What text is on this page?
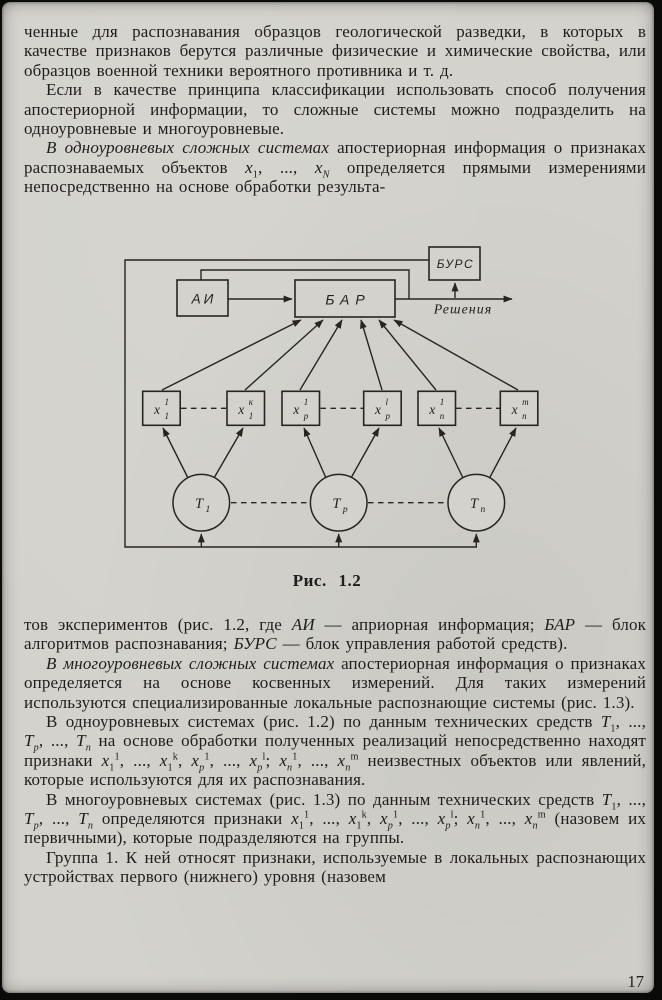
ченные для распознавания образцов геологической разведки, в которых в качестве признаков берутся различные физические и химические свойства, или образцов военной техники вероятного противника и т. д.

Если в качестве принципа классификации использовать способ получения апостериорной информации, то сложные системы можно подразделить на одноуровневые и многоуровневые.

В одноуровневых сложных системах апостериорная информация о признаках распознаваемых объектов $x_1$, ..., $x_N$ определяется прямыми измерениями непосредственно на основе обработки результа-

АИ	БАР
БУРС
Решения
x 1
1	x к
1	x 1
p	x l
p	x 1
n	x m
n
T 1	T p	T n
Рис. 1.2

тов экспериментов (рис. 1.2, где АИ — априорная информация; БАР — блок алгоритмов распознавания; БУРС — блок управления работой средств).

В многоуровневых сложных системах апостериорная информация о признаках определяется на основе косвенных измерений. Для таких измерений используются специализированные локальные распознающие системы (рис. 1.3).

В одноуровневых системах (рис. 1.2) по данным технических средств $T_1$, ..., $T_p$, ..., $T_n$ на основе обработки полученных реализаций непосредственно находят признаки $x_1^1$, ..., $x_1^k$, $x_p^1$, ..., $x_p^l$; $x_n^1$, ..., $x_n^m$ неизвестных объектов или явлений, которые используются для их распознавания.

В многоуровневых системах (рис. 1.3) по данным технических средств $T_1$, ..., $T_p$, ..., $T_n$ определяются признаки $x_1^1$, ..., $x_1^k$, $x_p^1$, ..., $x_p^l$; $x_n^1$, ..., $x_n^m$ (назовем их первичными), которые подразделяются на группы.

Группа 1. К ней относят признаки, используемые в локальных распознающих устройствах первого (нижнего) уровня (назовем

17
